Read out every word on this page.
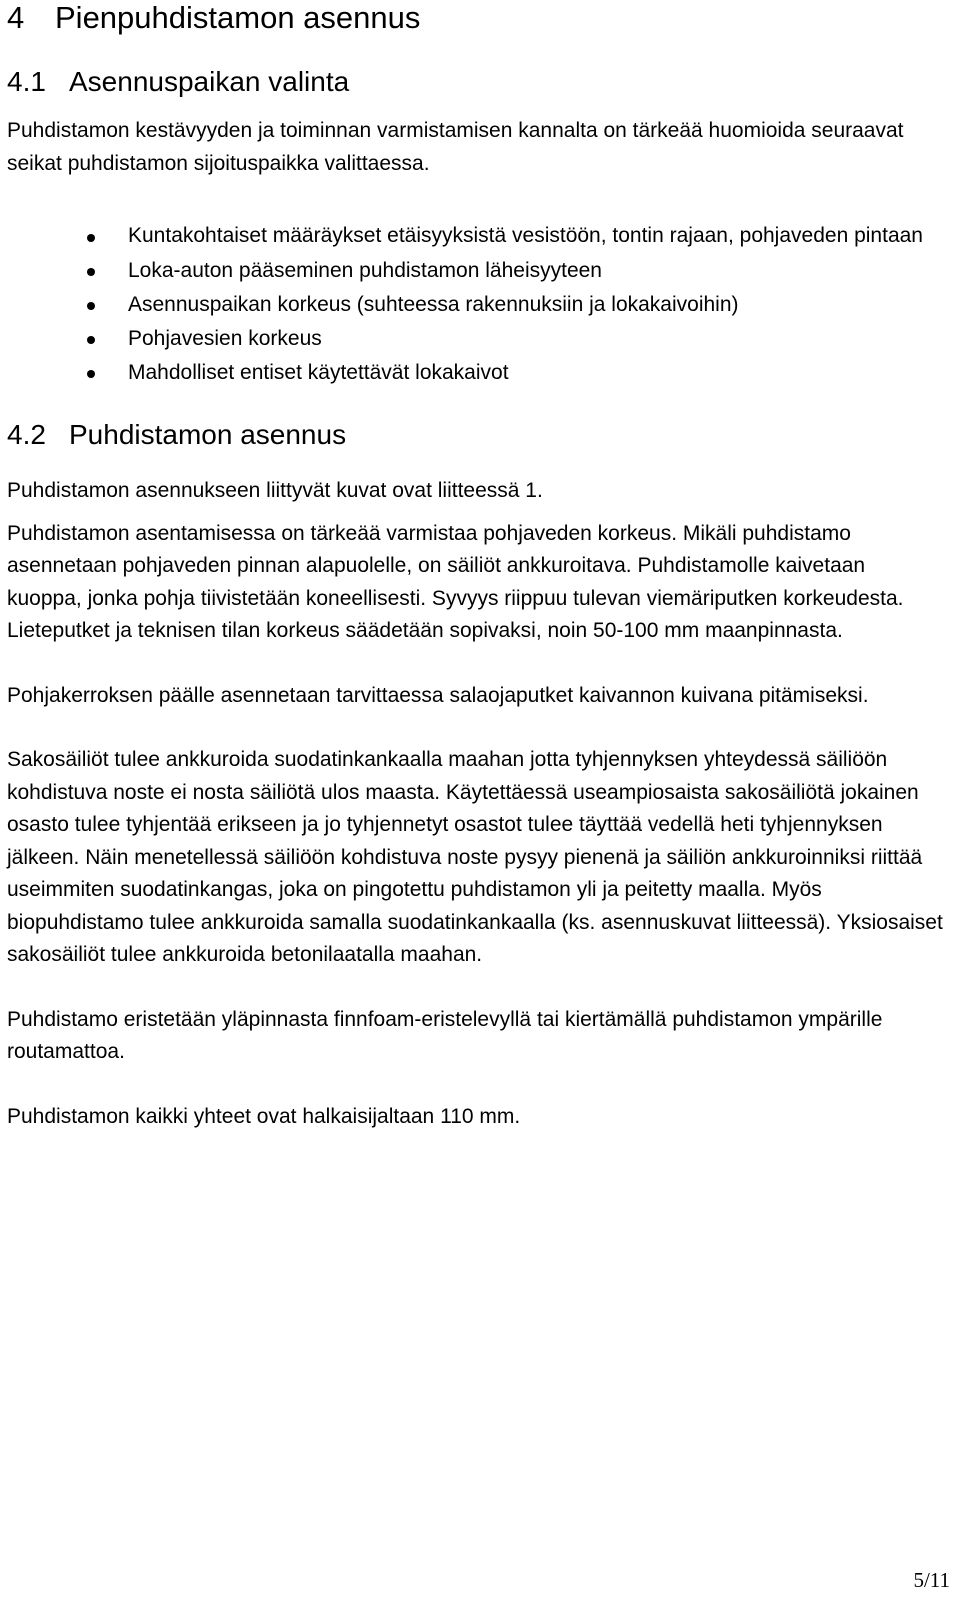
4 Pienpuhdistamon asennus
4.1 Asennuspaikan valinta

Puhdistamon kestävyyden ja toiminnan varmistamisen kannalta on tärkeää huomioida seuraavat seikat puhdistamon sijoituspaikka valittaessa.

Kuntakohtaiset määräykset etäisyyksistä vesistöön, tontin rajaan, pohjaveden pintaan
Loka-auton pääseminen puhdistamon läheisyyteen
Asennuspaikan korkeus (suhteessa rakennuksiin ja lokakaivoihin)
Pohjavesien korkeus
Mahdolliset entiset käytettävät lokakaivot
4.2 Puhdistamon asennus

Puhdistamon asennukseen liittyvät kuvat ovat liitteessä 1.

Puhdistamon asentamisessa on tärkeää varmistaa pohjaveden korkeus. Mikäli puhdistamo asennetaan pohjaveden pinnan alapuolelle, on säiliöt ankkuroitava. Puhdistamolle kaivetaan kuoppa, jonka pohja tiivistetään koneellisesti. Syvyys riippuu tulevan viemäriputken korkeudesta. Lieteputket ja teknisen tilan korkeus säädetään sopivaksi, noin 50-100 mm maanpinnasta.

Pohjakerroksen päälle asennetaan tarvittaessa salaojaputket kaivannon kuivana pitämiseksi.

Sakosäiliöt tulee ankkuroida suodatinkankaalla maahan jotta tyhjennyksen yhteydessä säiliöön kohdistuva noste ei nosta säiliötä ulos maasta. Käytettäessä useampiosaista sakosäiliötä jokainen osasto tulee tyhjentää erikseen ja jo tyhjennetyt osastot tulee täyttää vedellä heti tyhjennyksen jälkeen. Näin menetellessä säiliöön kohdistuva noste pysyy pienenä ja säiliön ankkuroinniksi riittää useimmiten suodatinkangas, joka on pingotettu puhdistamon yli ja peitetty maalla. Myös biopuhdistamo tulee ankkuroida samalla suodatinkankaalla (ks. asennuskuvat liitteessä). Yksiosaiset sakosäiliöt tulee ankkuroida betonilaatalla maahan.

Puhdistamo eristetään yläpinnasta finnfoam-eristelevyllä tai kiertämällä puhdistamon ympärille routamattoa.

Puhdistamon kaikki yhteet ovat halkaisijaltaan 110 mm.

5/11
